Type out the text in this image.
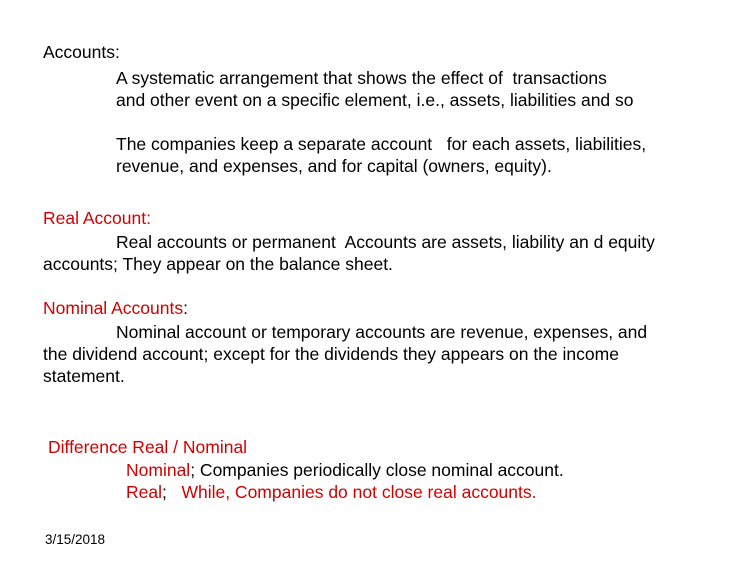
Accounts:
A systematic arrangement that shows the effect of  transactions
and other event on a specific element, i.e., assets, liabilities and so
The companies keep a separate account   for each assets, liabilities,
revenue, and expenses, and for capital (owners, equity).
Real Account:
Real accounts or permanent  Accounts are assets, liability an d equity
accounts; They appear on the balance sheet.
Nominal Accounts:
Nominal account or temporary accounts are revenue, expenses, and
the dividend account; except for the dividends they appears on the income
statement.
Difference Real / Nominal
Nominal; Companies periodically close nominal account.
Real;   While, Companies do not close real accounts.
3/15/2018
